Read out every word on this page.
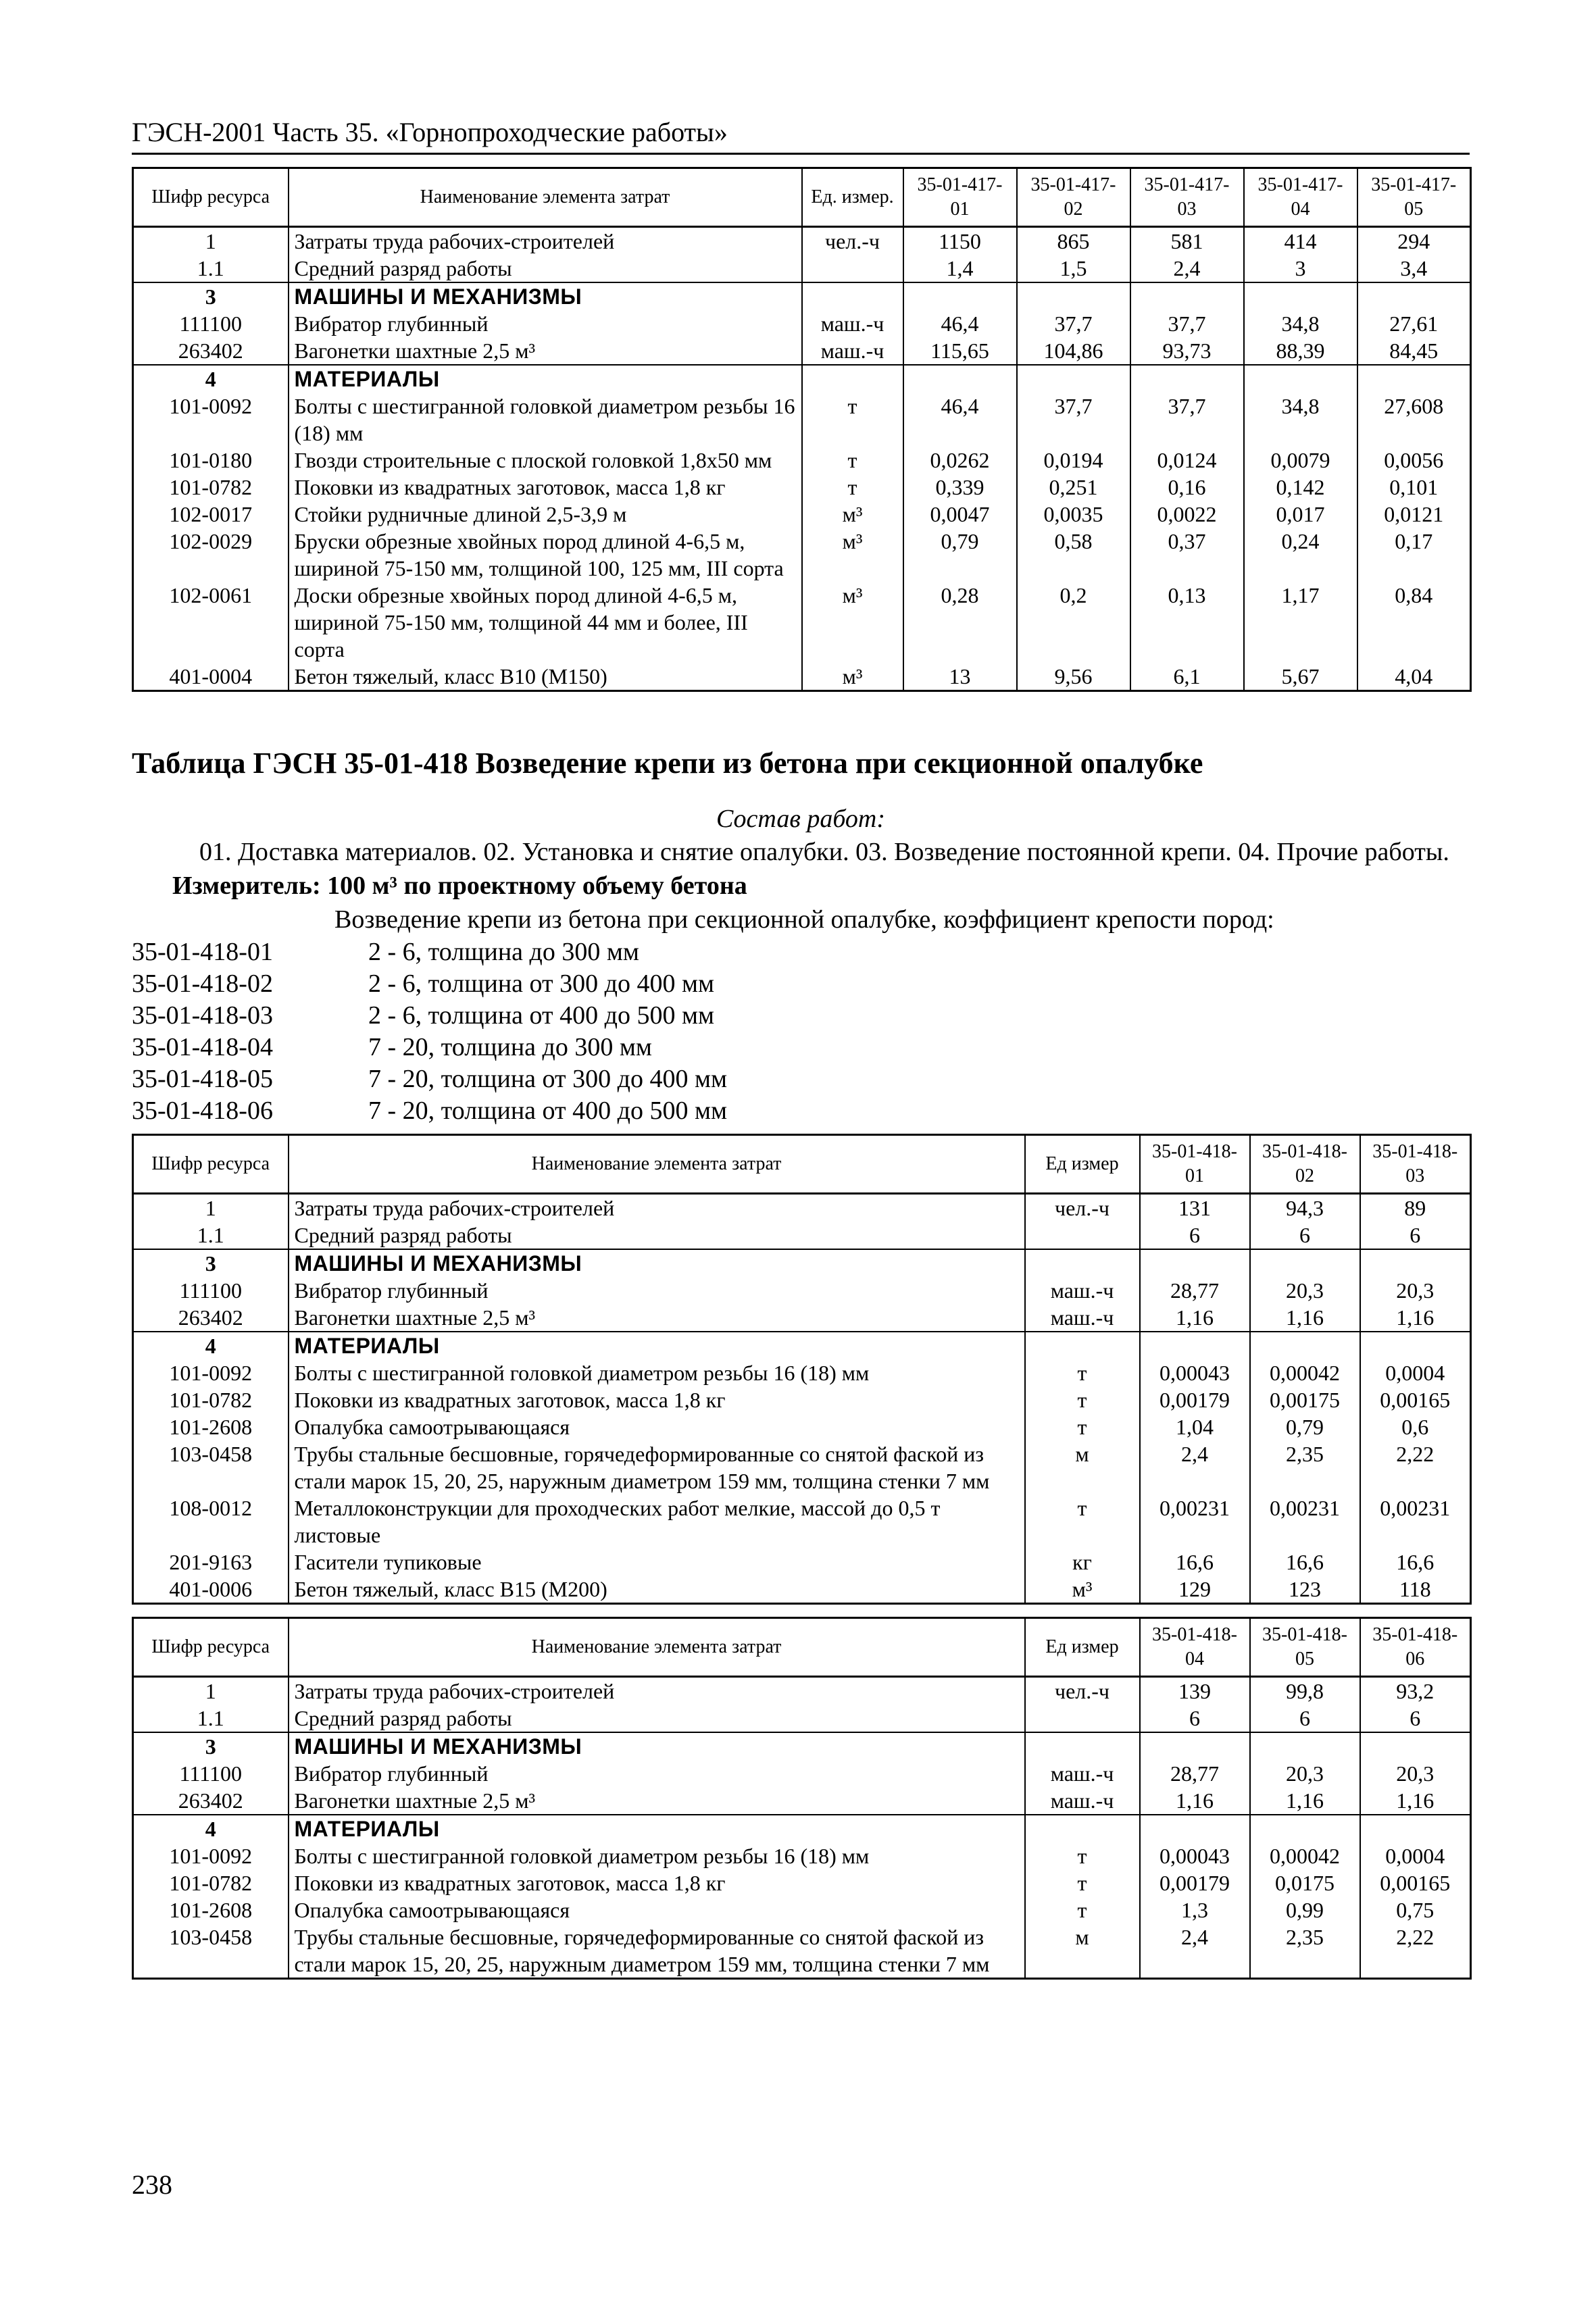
ГЭСН-2001 Часть 35. «Горнопроходческие работы»
Шифр ресурса	Наименование элемента затрат	Ед. измер.	35-01-417-01	35-01-417-02	35-01-417-03	35-01-417-04	35-01-417-05
1	Затраты труда рабочих-строителей	чел.-ч	1150	865	581	414	294
1.1	Средний разряд работы		1,4	1,5	2,4	3	3,4
3	МАШИНЫ И МЕХАНИЗМЫ						
111100	Вибратор глубинный	маш.-ч	46,4	37,7	37,7	34,8	27,61
263402	Вагонетки шахтные 2,5 м³	маш.-ч	115,65	104,86	93,73	88,39	84,45
4	МАТЕРИАЛЫ						
101-0092	Болты с шестигранной головкой диаметром резьбы 16 (18) мм	т	46,4	37,7	37,7	34,8	27,608
101-0180	Гвозди строительные с плоской головкой 1,8x50 мм	т	0,0262	0,0194	0,0124	0,0079	0,0056
101-0782	Поковки из квадратных заготовок, масса 1,8 кг	т	0,339	0,251	0,16	0,142	0,101
102-0017	Стойки рудничные длиной 2,5-3,9 м	м³	0,0047	0,0035	0,0022	0,017	0,0121
102-0029	Бруски обрезные хвойных пород длиной 4-6,5 м, шириной 75-150 мм, толщиной 100, 125 мм, III сорта	м³	0,79	0,58	0,37	0,24	0,17
102-0061	Доски обрезные хвойных пород длиной 4-6,5 м, шириной 75-150 мм, толщиной 44 мм и более, III сорта	м³	0,28	0,2	0,13	1,17	0,84
401-0004	Бетон тяжелый, класс В10 (М150)	м³	13	9,56	6,1	5,67	4,04
Таблица ГЭСН 35-01-418 Возведение крепи из бетона при секционной опалубке
Состав работ:
01. Доставка материалов. 02. Установка и снятие опалубки. 03. Возведение постоянной крепи. 04. Прочие работы.
Измеритель: 100 м³ по проектному объему бетона
Возведение крепи из бетона при секционной опалубке, коэффициент крепости пород:
35-01-418-01	2 - 6, толщина до 300 мм
35-01-418-02	2 - 6, толщина от 300 до 400 мм
35-01-418-03	2 - 6, толщина от 400 до 500 мм
35-01-418-04	7 - 20, толщина до 300 мм
35-01-418-05	7 - 20, толщина от 300 до 400 мм
35-01-418-06	7 - 20, толщина от 400 до 500 мм
Шифр ресурса	Наименование элемента затрат	Ед измер	35-01-418-01	35-01-418-02	35-01-418-03
1	Затраты труда рабочих-строителей	чел.-ч	131	94,3	89
1.1	Средний разряд работы		6	6	6
3	МАШИНЫ И МЕХАНИЗМЫ				
111100	Вибратор глубинный	маш.-ч	28,77	20,3	20,3
263402	Вагонетки шахтные 2,5 м³	маш.-ч	1,16	1,16	1,16
4	МАТЕРИАЛЫ				
101-0092	Болты с шестигранной головкой диаметром резьбы 16 (18) мм	т	0,00043	0,00042	0,0004
101-0782	Поковки из квадратных заготовок, масса 1,8 кг	т	0,00179	0,00175	0,00165
101-2608	Опалубка самоотрывающаяся	т	1,04	0,79	0,6
103-0458	Трубы стальные бесшовные, горячедеформированные со снятой фаской из стали марок 15, 20, 25, наружным диаметром 159 мм, толщина стенки 7 мм	м	2,4	2,35	2,22
108-0012	Металлоконструкции для проходческих работ мелкие, массой до 0,5 т листовые	т	0,00231	0,00231	0,00231
201-9163	Гасители тупиковые	кг	16,6	16,6	16,6
401-0006	Бетон тяжелый, класс В15 (М200)	м³	129	123	118
Шифр ресурса	Наименование элемента затрат	Ед измер	35-01-418-04	35-01-418-05	35-01-418-06
1	Затраты труда рабочих-строителей	чел.-ч	139	99,8	93,2
1.1	Средний разряд работы		6	6	6
3	МАШИНЫ И МЕХАНИЗМЫ				
111100	Вибратор глубинный	маш.-ч	28,77	20,3	20,3
263402	Вагонетки шахтные 2,5 м³	маш.-ч	1,16	1,16	1,16
4	МАТЕРИАЛЫ				
101-0092	Болты с шестигранной головкой диаметром резьбы 16 (18) мм	т	0,00043	0,00042	0,0004
101-0782	Поковки из квадратных заготовок, масса 1,8 кг	т	0,00179	0,0175	0,00165
101-2608	Опалубка самоотрывающаяся	т	1,3	0,99	0,75
103-0458	Трубы стальные бесшовные, горячедеформированные со снятой фаской из стали марок 15, 20, 25, наружным диаметром 159 мм, толщина стенки 7 мм	м	2,4	2,35	2,22
238
